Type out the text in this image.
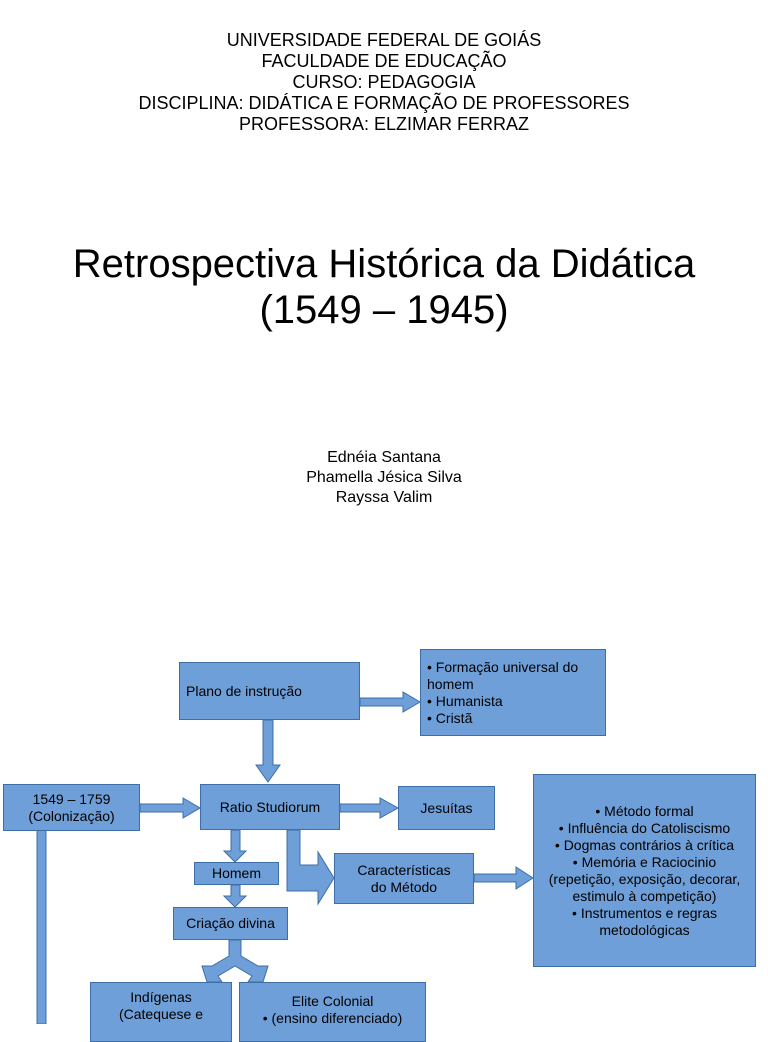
UNIVERSIDADE FEDERAL DE GOIÁS
FACULDADE DE EDUCAÇÃO
CURSO: PEDAGOGIA
DISCIPLINA: DIDÁTICA E FORMAÇÃO DE PROFESSORES
PROFESSORA: ELZIMAR FERRAZ
Retrospectiva Histórica da Didática
(1549 – 1945)
Ednéia Santana
Phamella Jésica Silva
Rayssa Valim
Plano de instrução
• Formação universal do homem
• Humanista
• Cristã
1549 – 1759
(Colonização)
Ratio Studiorum	Jesuítas
Homem	Características
do Método
• Método formal
• Influência do Catoliscismo
• Dogmas contrários à crítica
• Memória e Raciocinio (repetição, exposição, decorar, estimulo à competição)
• Instrumentos e regras metodológicas
Criação divina
Indígenas
(Catequese e
Elite Colonial
• (ensino diferenciado)
